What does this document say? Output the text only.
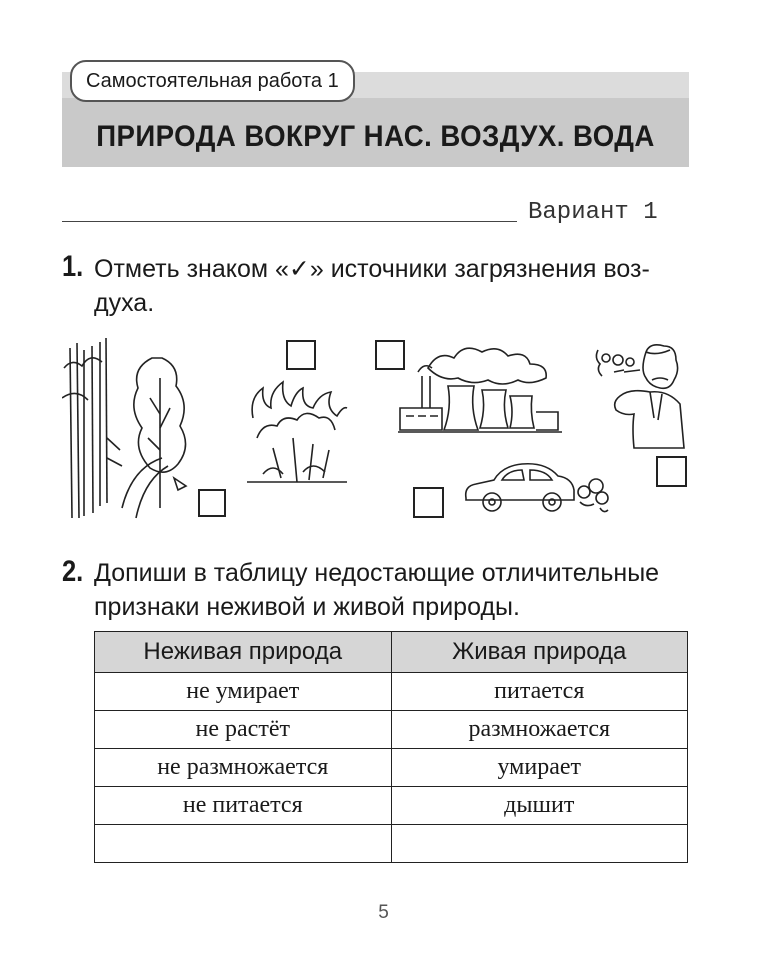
Самостоятельная работа 1
ПРИРОДА ВОКРУГ НАС. ВОЗДУХ. ВОДА
Вариант 1
1. Отметь знаком «✓» источники загрязнения воз-
духа.
2. Допиши в таблицу недостающие отличительные
признаки неживой и живой природы.
Неживая природа	Живая природа
не умирает	питается
не растёт	размножается
не размножается	умирает
не питается	дышит

5
